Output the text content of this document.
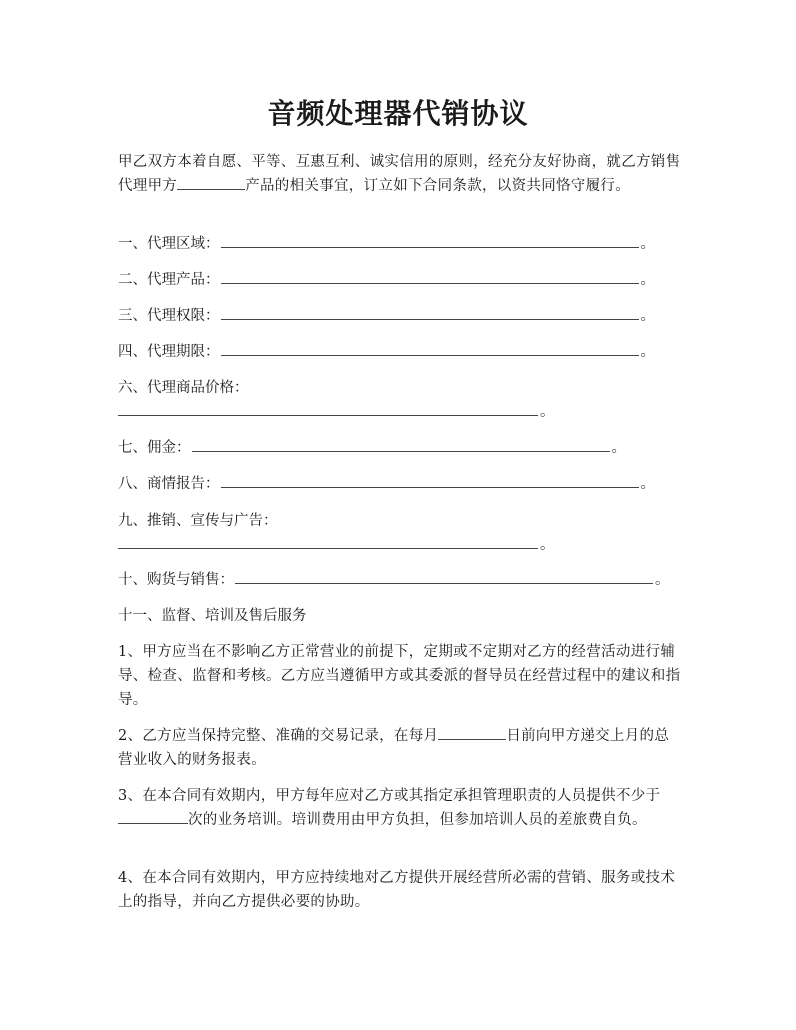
音频处理器代销协议
甲乙双方本着自愿、平等、互惠互利、诚实信用的原则，经充分友好协商，就乙方销售代理甲方	产品的相关事宜，订立如下合同条款，以资共同恪守履行。
一、代理区域：	。
二、代理产品：	。
三、代理权限：	。
四、代理期限：	。
六、代理商品价格：
。
七、佣金：	。
八、商情报告：	。
九、推销、宣传与广告：
。
十、购货与销售：	。
十一、监督、培训及售后服务
1、甲方应当在不影响乙方正常营业的前提下，定期或不定期对乙方的经营活动进行辅导、检查、监督和考核。乙方应当遵循甲方或其委派的督导员在经营过程中的建议和指导。
2、乙方应当保持完整、准确的交易记录，在每月	日前向甲方递交上月的总营业收入的财务报表。
3、在本合同有效期内，甲方每年应对乙方或其指定承担管理职责的人员提供不少于次的业务培训。培训费用由甲方负担，但参加培训人员的差旅费自负。
4、在本合同有效期内，甲方应持续地对乙方提供开展经营所必需的营销、服务或技术上的指导，并向乙方提供必要的协助。
